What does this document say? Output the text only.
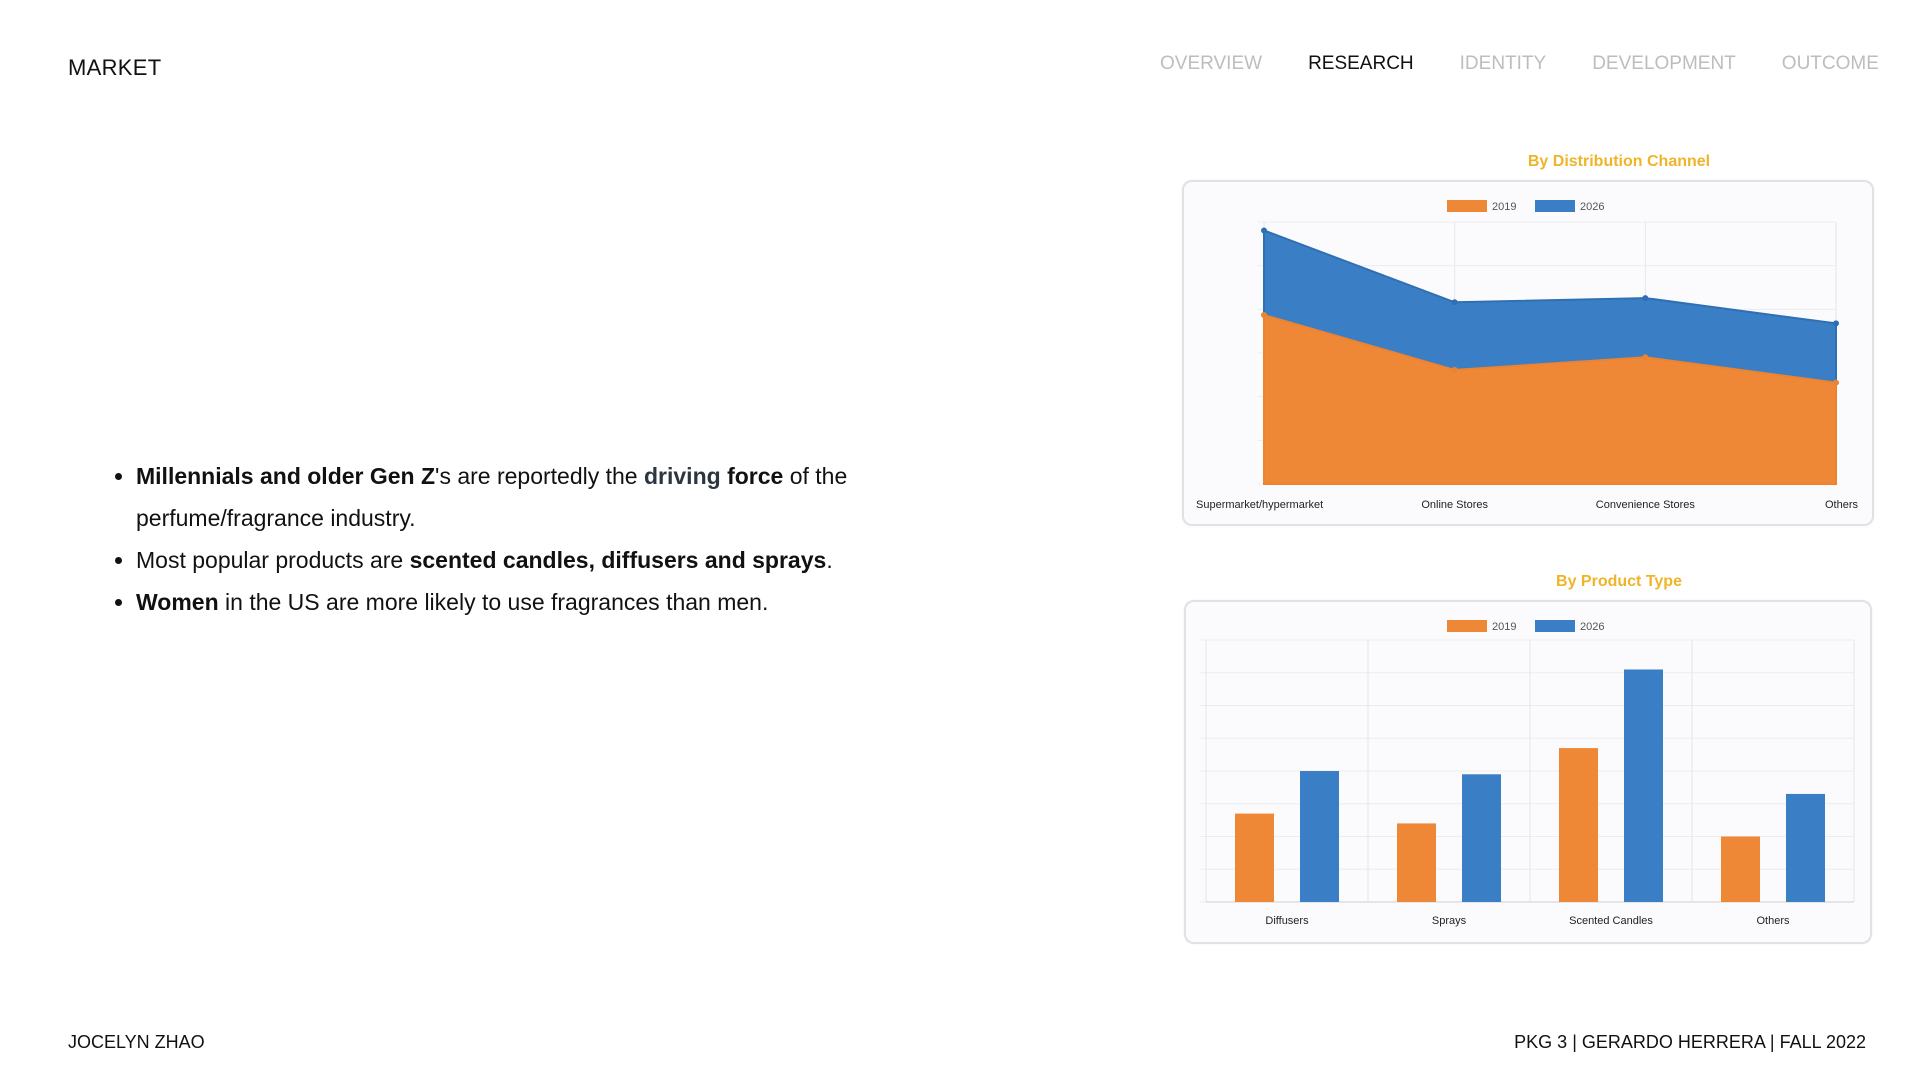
MARKET	OVERVIEW RESEARCH IDENTITY DEVELOPMENT OUTCOME
• Millennials and older Gen Z's are reportedly the driving force of the perfume/fragrance industry.
• Most popular products are scented candles, diffusers and sprays.
• Women in the US are more likely to use fragrances than men.
By Distribution Channel
Supermarket/hypermarket	Online Stores	Convenience Stores	Others
2019	2026
By Product Type
Diffusers	Sprays	Scented Candles	Others
2019	2026
JOCELYN ZHAO	PKG 3 | GERARDO HERRERA | FALL 2022
